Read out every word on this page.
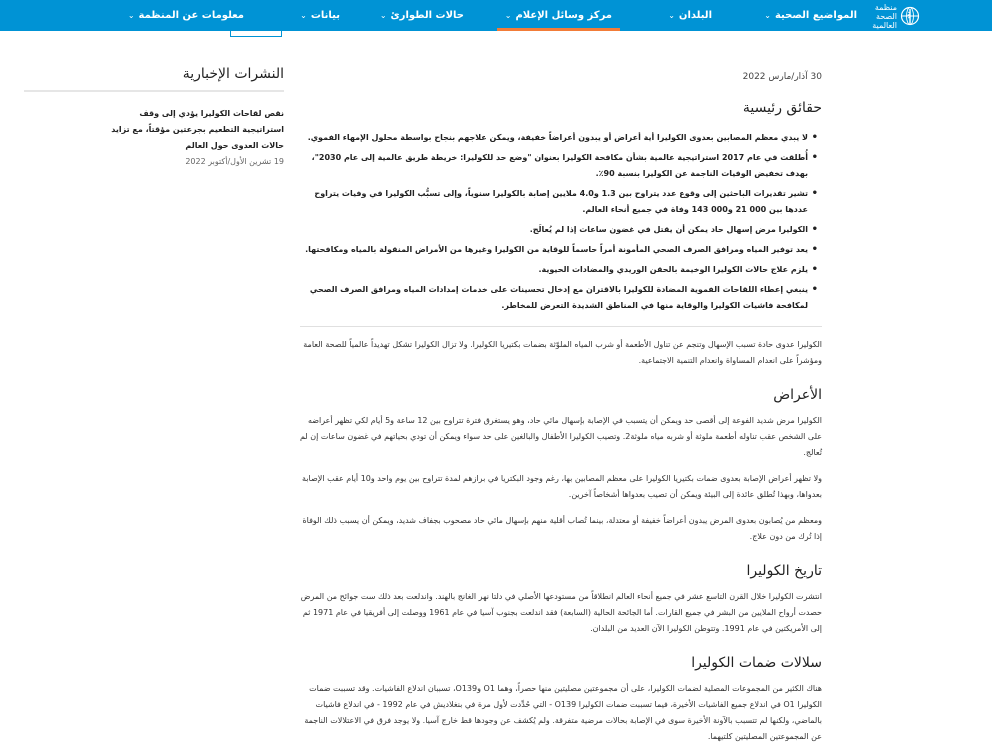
منظمة الصحة العالمية
المواضيع الصحية
⌄
البلدان
⌄
مركز وسائل الإعلام
⌄
حالات الطوارئ
⌄
بيانات
⌄
معلومات عن المنظمة
⌄
30 آذار/مارس 2022
حقائق رئيسية
• لا يبدي معظم المصابين بعدوى الكوليرا أية أعراض أو يبدون أعراضاً خفيفة، ويمكن علاجهم بنجاح بواسطة محلول الإمهاء الفموي.
• أُطلقت في عام 2017 استراتيجية عالمية بشأن مكافحة الكوليرا بعنوان "وضع حد للكوليرا: خريطة طريق عالمية إلى عام 2030"، بهدف تخفيض الوفيات الناجمة عن الكوليرا بنسبة 90٪.
• تشير تقديرات الباحثين إلى وقوع عدد يتراوح بين 1.3 و4.0 ملايين إصابة بالكوليرا سنوياً، وإلى تسبُّب الكوليرا في وفيات يتراوح عددها بين 000 21 و000 143 وفاة في جميع أنحاء العالم.
• الكوليرا مرض إسهال حاد يمكن أن يقتل في غضون ساعات إذا لم يُعالَج.
• يعد توفير المياه ومرافق الصرف الصحي المأمونة أمراً حاسماً للوقاية من الكوليرا وغيرها من الأمراض المنقولة بالمياه ومكافحتها.
• يلزم علاج حالات الكوليرا الوخيمة بالحقن الوريدي والمضادات الحيوية.
• ينبغي إعطاء اللقاحات الفموية المضادة للكوليرا بالاقتران مع إدخال تحسينات على خدمات إمدادات المياه ومرافق الصرف الصحي لمكافحة فاشيات الكوليرا والوقاية منها في المناطق الشديدة التعرض للمخاطر.

الكوليرا عدوى حادة تسبب الإسهال وتنجم عن تناول الأطعمة أو شرب المياه الملوّثة بضمات بكتيريا الكوليرا. ولا تزال الكوليرا تشكل تهديداً عالمياً للصحة العامة ومؤشراً على انعدام المساواة وانعدام التنمية الاجتماعية.

الأعراض

الكوليرا مرض شديد الفوعة إلى أقصى حد ويمكن أن يتسبب في الإصابة بإسهال مائي حاد، وهو يستغرق فترة تتراوح بين 12 ساعة و5 أيام لكي تظهر أعراضه على الشخص عقب تناوله أطعمة ملوثة أو شربه مياه ملوثة2. وتصيب الكوليرا الأطفال والبالغين على حد سواء ويمكن أن تودي بحياتهم في غضون ساعات إن لم تُعالج.

ولا تظهر أعراض الإصابة بعدوى ضمات بكتيريا الكوليرا على معظم المصابين بها، رغم وجود البكتريا في برازهم لمدة تتراوح بين يوم واحد و10 أيام عقب الإصابة بعدواها، وبهذا تُطلق عائدة إلى البيئة ويمكن أن تصيب بعدواها أشخاصاً آخرين.

ومعظم من يُصابون بعدوى المرض يبدون أعراضاً خفيفة أو معتدلة، بينما تُصاب أقلية منهم بإسهال مائي حاد مصحوب بجفاف شديد، ويمكن أن يسبب ذلك الوفاة إذا تُرك من دون علاج.

تاريخ الكوليرا

انتشرت الكوليرا خلال القرن التاسع عشر في جميع أنحاء العالم انطلاقاً من مستودعها الأصلي في دلتا نهر الغانج بالهند. واندلعت بعد ذلك ست جوائح من المرض حصدت أرواح الملايين من البشر في جميع القارات. أما الجائحة الحالية (السابعة) فقد اندلعت بجنوب آسيا في عام 1961 ووصلت إلى أفريقيا في عام 1971 ثم إلى الأمريكتين في عام 1991. وتتوطن الكوليرا الآن العديد من البلدان.

سلالات ضمات الكوليرا

هناك الكثير من المجموعات المصلية لضمات الكوليرا، على أن مجموعتين مصليتين منها حصراً، وهما O1 وO139، تسببان اندلاع الفاشيات. وقد تسببت ضمات الكوليرا O1 في اندلاع جميع الفاشيات الأخيرة، فيما تسببت ضمات الكوليرا O139 - التي حُدِّدت لأول مرة في بنغلاديش في عام 1992 - في اندلاع فاشيات بالماضي، ولكنها لم تتسبب بالآونة الأخيرة سوى في الإصابة بحالات مرضية متفرقة. ولم يُكشف عن وجودها قط خارج آسيا. ولا يوجد فرق في الاعتلالات الناجمة عن المجموعتين المصليتين كلتيهما.

النشرات الإخبارية
نقص لقاحات الكوليرا يؤدي إلى وقف استراتيجية التطعيم بجرعتين مؤقتاً، مع تزايد حالات العدوى حول العالم
19 تشرين الأول/أكتوبر 2022
